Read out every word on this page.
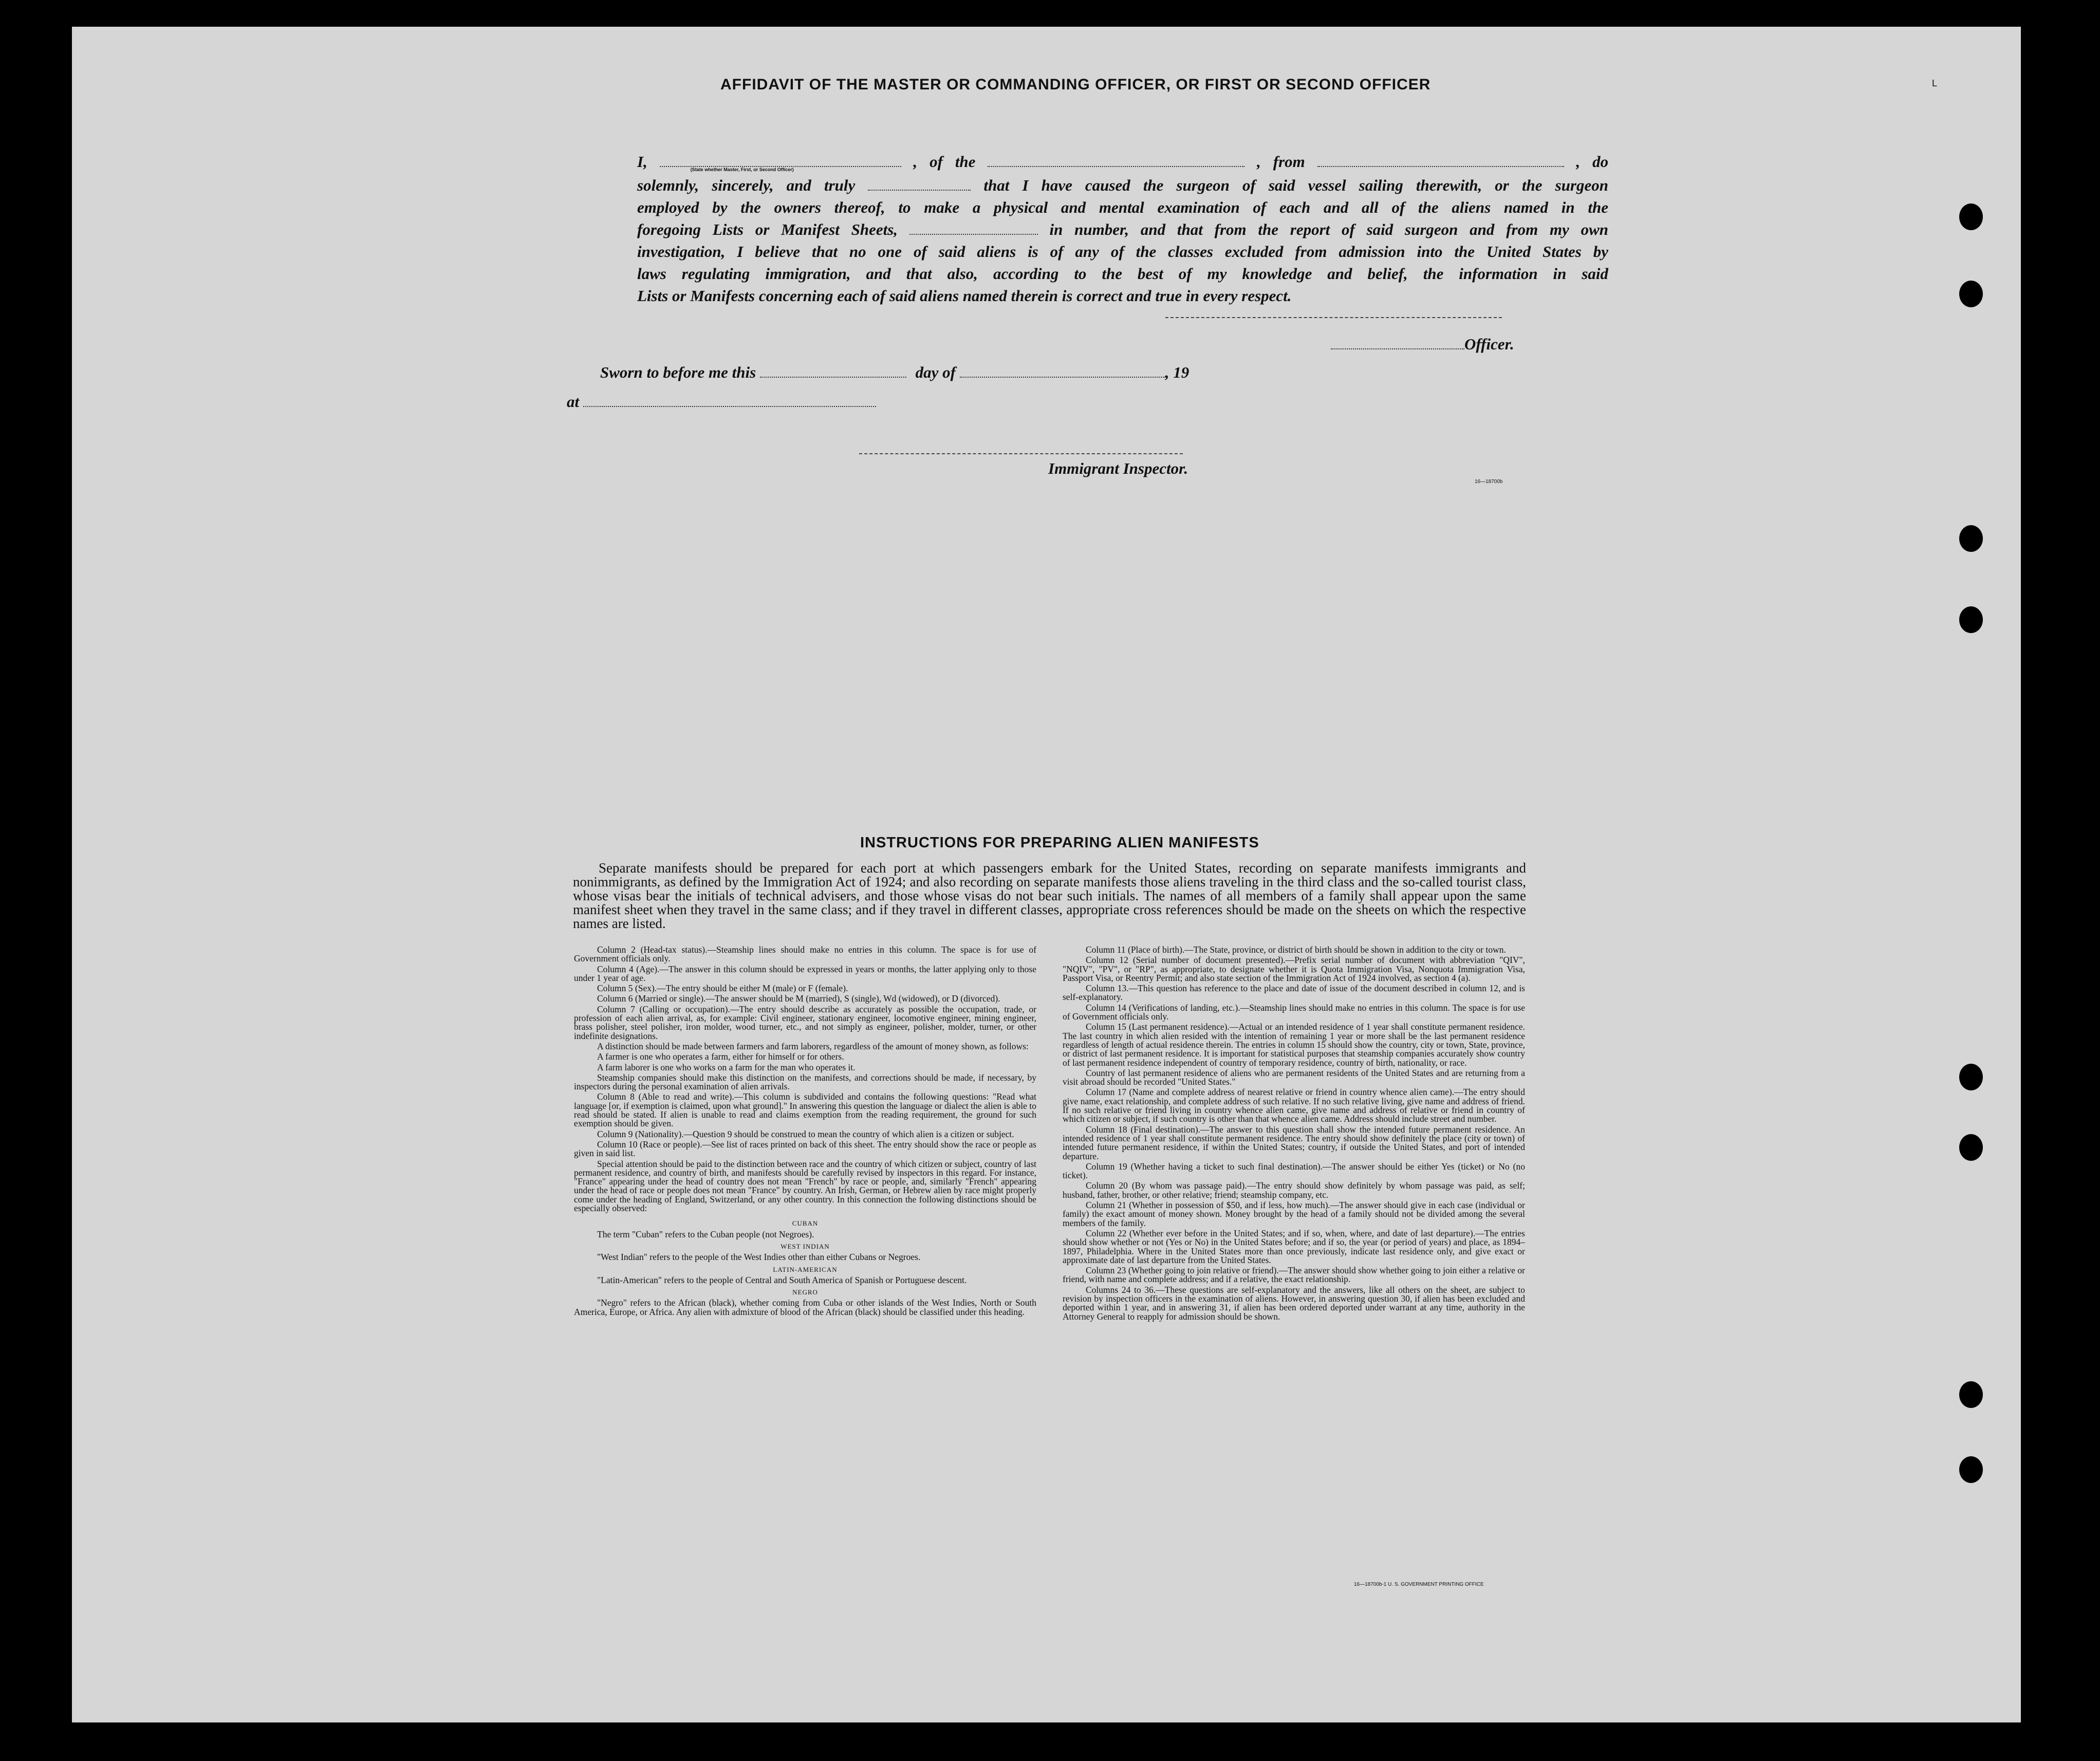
L
AFFIDAVIT OF THE MASTER OR COMMANDING OFFICER, OR FIRST OR SECOND OFFICER
I,	(State whether Master, First, or Second Officer)	, of the	, from	, do
solemnly, sincerely, and truly	that I have caused the surgeon of said vessel sailing therewith, or the surgeon
employed by the owners thereof, to make a physical and mental examination of each and all of the aliens named in the
foregoing Lists or Manifest Sheets,	in number, and that from the report of said surgeon and from my own
investigation, I believe that no one of said aliens is of any of the classes excluded from admission into the United States by
laws regulating immigration, and that also, according to the best of my knowledge and belief, the information in said
Lists or Manifests concerning each of said aliens named therein is correct and true in every respect.
Officer.
Sworn to before me this	day of	, 19
at
Immigrant Inspector.
16—18700b
INSTRUCTIONS FOR PREPARING ALIEN MANIFESTS
Separate manifests should be prepared for each port at which passengers embark for the United States, recording on separate manifests immigrants and nonimmigrants, as defined by the Immigration Act of 1924; and also recording on separate manifests those aliens traveling in the third class and the so-called tourist class, whose visas bear the initials of technical advisers, and those whose visas do not bear such initials. The names of all members of a family shall appear upon the same manifest sheet when they travel in the same class; and if they travel in different classes, appropriate cross references should be made on the sheets on which the respective names are listed.

Column 2 (Head-tax status).—Steamship lines should make no entries in this column. The space is for use of Government officials only.

Column 4 (Age).—The answer in this column should be expressed in years or months, the latter applying only to those under 1 year of age.

Column 5 (Sex).—The entry should be either M (male) or F (female).

Column 6 (Married or single).—The answer should be M (married), S (single), Wd (widowed), or D (divorced).

Column 7 (Calling or occupation).—The entry should describe as accurately as possible the occupation, trade, or profession of each alien arrival, as, for example: Civil engineer, stationary engineer, locomotive engineer, mining engineer, brass polisher, steel polisher, iron molder, wood turner, etc., and not simply as engineer, polisher, molder, turner, or other indefinite designations.

A distinction should be made between farmers and farm laborers, regardless of the amount of money shown, as follows:

A farmer is one who operates a farm, either for himself or for others.

A farm laborer is one who works on a farm for the man who operates it.

Steamship companies should make this distinction on the manifests, and corrections should be made, if necessary, by inspectors during the personal examination of alien arrivals.

Column 8 (Able to read and write).—This column is subdivided and contains the following questions: "Read what language [or, if exemption is claimed, upon what ground]." In answering this question the language or dialect the alien is able to read should be stated. If alien is unable to read and claims exemption from the reading requirement, the ground for such exemption should be given.

Column 9 (Nationality).—Question 9 should be construed to mean the country of which alien is a citizen or subject.

Column 10 (Race or people).—See list of races printed on back of this sheet. The entry should show the race or people as given in said list.

Special attention should be paid to the distinction between race and the country of which citizen or subject, country of last permanent residence, and country of birth, and manifests should be carefully revised by inspectors in this regard. For instance, "France" appearing under the head of country does not mean "French" by race or people, and, similarly "French" appearing under the head of race or people does not mean "France" by country. An Irish, German, or Hebrew alien by race might properly come under the heading of England, Switzerland, or any other country. In this connection the following distinctions should be especially observed:

CUBAN

The term "Cuban" refers to the Cuban people (not Negroes).

WEST INDIAN

"West Indian" refers to the people of the West Indies other than either Cubans or Negroes.

LATIN-AMERICAN

"Latin-American" refers to the people of Central and South America of Spanish or Portuguese descent.

NEGRO

"Negro" refers to the African (black), whether coming from Cuba or other islands of the West Indies, North or South America, Europe, or Africa. Any alien with admixture of blood of the African (black) should be classified under this heading.

Column 11 (Place of birth).—The State, province, or district of birth should be shown in addition to the city or town.

Column 12 (Serial number of document presented).—Prefix serial number of document with abbreviation "QIV", "NQIV", "PV", or "RP", as appropriate, to designate whether it is Quota Immigration Visa, Nonquota Immigration Visa, Passport Visa, or Reentry Permit; and also state section of the Immigration Act of 1924 involved, as section 4 (a).

Column 13.—This question has reference to the place and date of issue of the document described in column 12, and is self-explanatory.

Column 14 (Verifications of landing, etc.).—Steamship lines should make no entries in this column. The space is for use of Government officials only.

Column 15 (Last permanent residence).—Actual or an intended residence of 1 year shall constitute permanent residence. The last country in which alien resided with the intention of remaining 1 year or more shall be the last permanent residence regardless of length of actual residence therein. The entries in column 15 should show the country, city or town, State, province, or district of last permanent residence. It is important for statistical purposes that steamship companies accurately show country of last permanent residence independent of country of temporary residence, country of birth, nationality, or race.

Country of last permanent residence of aliens who are permanent residents of the United States and are returning from a visit abroad should be recorded "United States."

Column 17 (Name and complete address of nearest relative or friend in country whence alien came).—The entry should give name, exact relationship, and complete address of such relative. If no such relative living, give name and address of friend. If no such relative or friend living in country whence alien came, give name and address of relative or friend in country of which citizen or subject, if such country is other than that whence alien came. Address should include street and number.

Column 18 (Final destination).—The answer to this question shall show the intended future permanent residence. An intended residence of 1 year shall constitute permanent residence. The entry should show definitely the place (city or town) of intended future permanent residence, if within the United States; country, if outside the United States, and port of intended departure.

Column 19 (Whether having a ticket to such final destination).—The answer should be either Yes (ticket) or No (no ticket).

Column 20 (By whom was passage paid).—The entry should show definitely by whom passage was paid, as self; husband, father, brother, or other relative; friend; steamship company, etc.

Column 21 (Whether in possession of $50, and if less, how much).—The answer should give in each case (individual or family) the exact amount of money shown. Money brought by the head of a family should not be divided among the several members of the family.

Column 22 (Whether ever before in the United States; and if so, when, where, and date of last departure).—The entries should show whether or not (Yes or No) in the United States before; and if so, the year (or period of years) and place, as 1894–1897, Philadelphia. Where in the United States more than once previously, indicate last residence only, and give exact or approximate date of last departure from the United States.

Column 23 (Whether going to join relative or friend).—The answer should show whether going to join either a relative or friend, with name and complete address; and if a relative, the exact relationship.

Columns 24 to 36.—These questions are self-explanatory and the answers, like all others on the sheet, are subject to revision by inspection officers in the examination of aliens. However, in answering question 30, if alien has been excluded and deported within 1 year, and in answering 31, if alien has been ordered deported under warrant at any time, authority in the Attorney General to reapply for admission should be shown.

16—18700b-1 U. S. GOVERNMENT PRINTING OFFICE
